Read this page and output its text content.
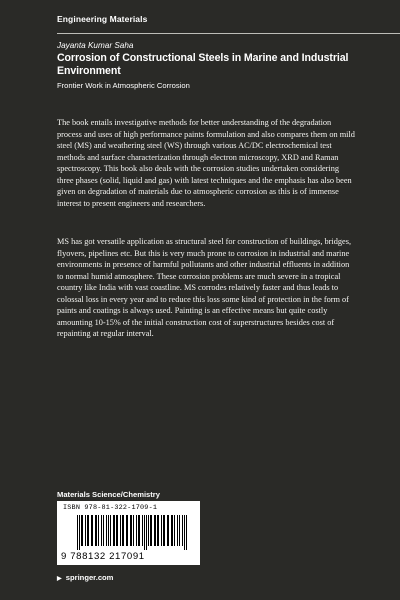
Engineering Materials
Jayanta Kumar Saha
Corrosion of Constructional Steels in Marine and Industrial Environment
Frontier Work in Atmospheric Corrosion

The book entails investigative methods for better understanding of the degradation process and uses of high performance paints formulation and also compares them on mild steel (MS) and weathering steel (WS) through various AC/DC electrochemical test methods and surface characterization through electron microscopy, XRD and Raman spectroscopy. This book also deals with the corrosion studies undertaken considering three phases (solid, liquid and gas) with latest techniques and the emphasis has also been given on degradation of materials due to atmospheric corrosion as this is of immense interest to present engineers and researchers.

MS has got versatile application as structural steel for construction of buildings, bridges, flyovers, pipelines etc. But this is very much prone to corrosion in industrial and marine environments in presence of harmful pollutants and other industrial effluents in addition to normal humid atmosphere. These corrosion problems are much severe in a tropical country like India with vast coastline. MS corrodes relatively faster and thus leads to colossal loss in every year and to reduce this loss some kind of protection in the form of paints and coatings is always used. Painting is an effective means but quite costly amounting 10-15% of the initial construction cost of superstructures besides cost of repainting at regular interval.

Materials Science/Chemistry
ISBN 978-81-322-1709-1
9 788132 217091
▶ springer.com
